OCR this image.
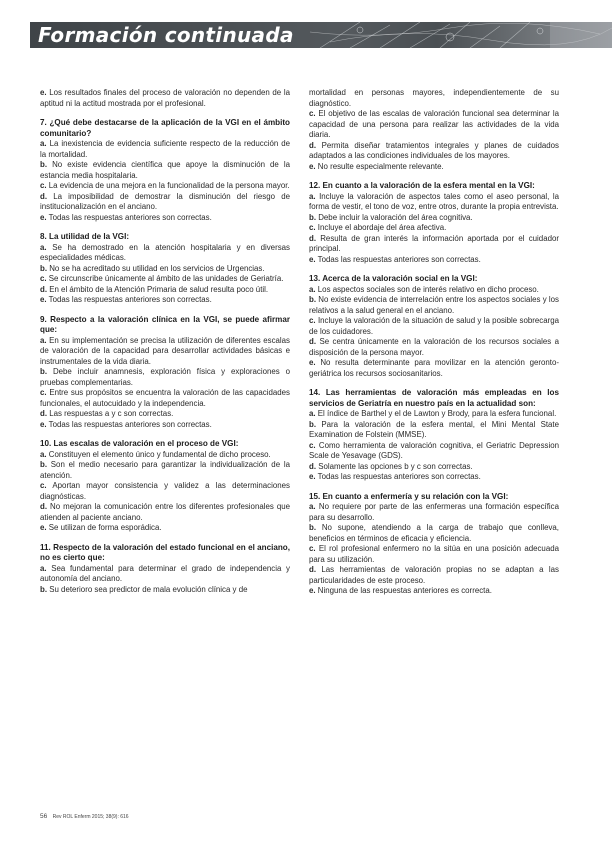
Formación continuada
e. Los resultados finales del proceso de valoración no dependen de la aptitud ni la actitud mostrada por el profesional.
7. ¿Qué debe destacarse de la aplicación de la VGI en el ámbito comunitario?
a. La inexistencia de evidencia suficiente respecto de la reducción de la mortalidad.
b. No existe evidencia científica que apoye la disminución de la estancia media hospitalaria.
c. La evidencia de una mejora en la funcionalidad de la persona mayor.
d. La imposibilidad de demostrar la disminución del riesgo de institucionalización en el anciano.
e. Todas las respuestas anteriores son correctas.
8. La utilidad de la VGI:
a. Se ha demostrado en la atención hospitalaria y en diversas especialidades médicas.
b. No se ha acreditado su utilidad en los servicios de Urgencias.
c. Se circunscribe únicamente al ámbito de las unidades de Geriatría.
d. En el ámbito de la Atención Primaria de salud resulta poco útil.
e. Todas las respuestas anteriores son correctas.
9. Respecto a la valoración clínica en la VGI, se puede afirmar que:
a. En su implementación se precisa la utilización de diferentes escalas de valoración de la capacidad para desarrollar actividades básicas e instrumentales de la vida diaria.
b. Debe incluir anamnesis, exploración física y exploraciones o pruebas complementarias.
c. Entre sus propósitos se encuentra la valoración de las capacidades funcionales, el autocuidado y la independencia.
d. Las respuestas a y c son correctas.
e. Todas las respuestas anteriores son correctas.
10. Las escalas de valoración en el proceso de VGI:
a. Constituyen el elemento único y fundamental de dicho proceso.
b. Son el medio necesario para garantizar la individualización de la atención.
c. Aportan mayor consistencia y validez a las determinaciones diagnósticas.
d. No mejoran la comunicación entre los diferentes profesionales que atienden al paciente anciano.
e. Se utilizan de forma esporádica.
11. Respecto de la valoración del estado funcional en el anciano, no es cierto que:
a. Sea fundamental para determinar el grado de independencia y autonomía del anciano.
b. Su deterioro sea predictor de mala evolución clínica y de
mortalidad en personas mayores, independientemente de su diagnóstico.
c. El objetivo de las escalas de valoración funcional sea determinar la capacidad de una persona para realizar las actividades de la vida diaria.
d. Permita diseñar tratamientos integrales y planes de cuidados adaptados a las condiciones individuales de los mayores.
e. No resulte especialmente relevante.
12. En cuanto a la valoración de la esfera mental en la VGI:
a. Incluye la valoración de aspectos tales como el aseo personal, la forma de vestir, el tono de voz, entre otros, durante la propia entrevista.
b. Debe incluir la valoración del área cognitiva.
c. Incluye el abordaje del área afectiva.
d. Resulta de gran interés la información aportada por el cuidador principal.
e. Todas las respuestas anteriores son correctas.
13. Acerca de la valoración social en la VGI:
a. Los aspectos sociales son de interés relativo en dicho proceso.
b. No existe evidencia de interrelación entre los aspectos sociales y los relativos a la salud general en el anciano.
c. Incluye la valoración de la situación de salud y la posible sobrecarga de los cuidadores.
d. Se centra únicamente en la valoración de los recursos sociales a disposición de la persona mayor.
e. No resulta determinante para movilizar en la atención geronto-geriátrica los recursos sociosanitarios.
14. Las herramientas de valoración más empleadas en los servicios de Geriatría en nuestro país en la actualidad son:
a. El índice de Barthel y el de Lawton y Brody, para la esfera funcional.
b. Para la valoración de la esfera mental, el Mini Mental State Examination de Folstein (MMSE).
c. Como herramienta de valoración cognitiva, el Geriatric Depression Scale de Yesavage (GDS).
d. Solamente las opciones b y c son correctas.
e. Todas las respuestas anteriores son correctas.
15. En cuanto a enfermería y su relación con la VGI:
a. No requiere por parte de las enfermeras una formación específica para su desarrollo.
b. No supone, atendiendo a la carga de trabajo que conlleva, beneficios en términos de eficacia y eficiencia.
c. El rol profesional enfermero no la sitúa en una posición adecuada para su utilización.
d. Las herramientas de valoración propias no se adaptan a las particularidades de este proceso.
e. Ninguna de las respuestas anteriores es correcta.
56 Rev ROL Enferm 2015; 38(9): 616
